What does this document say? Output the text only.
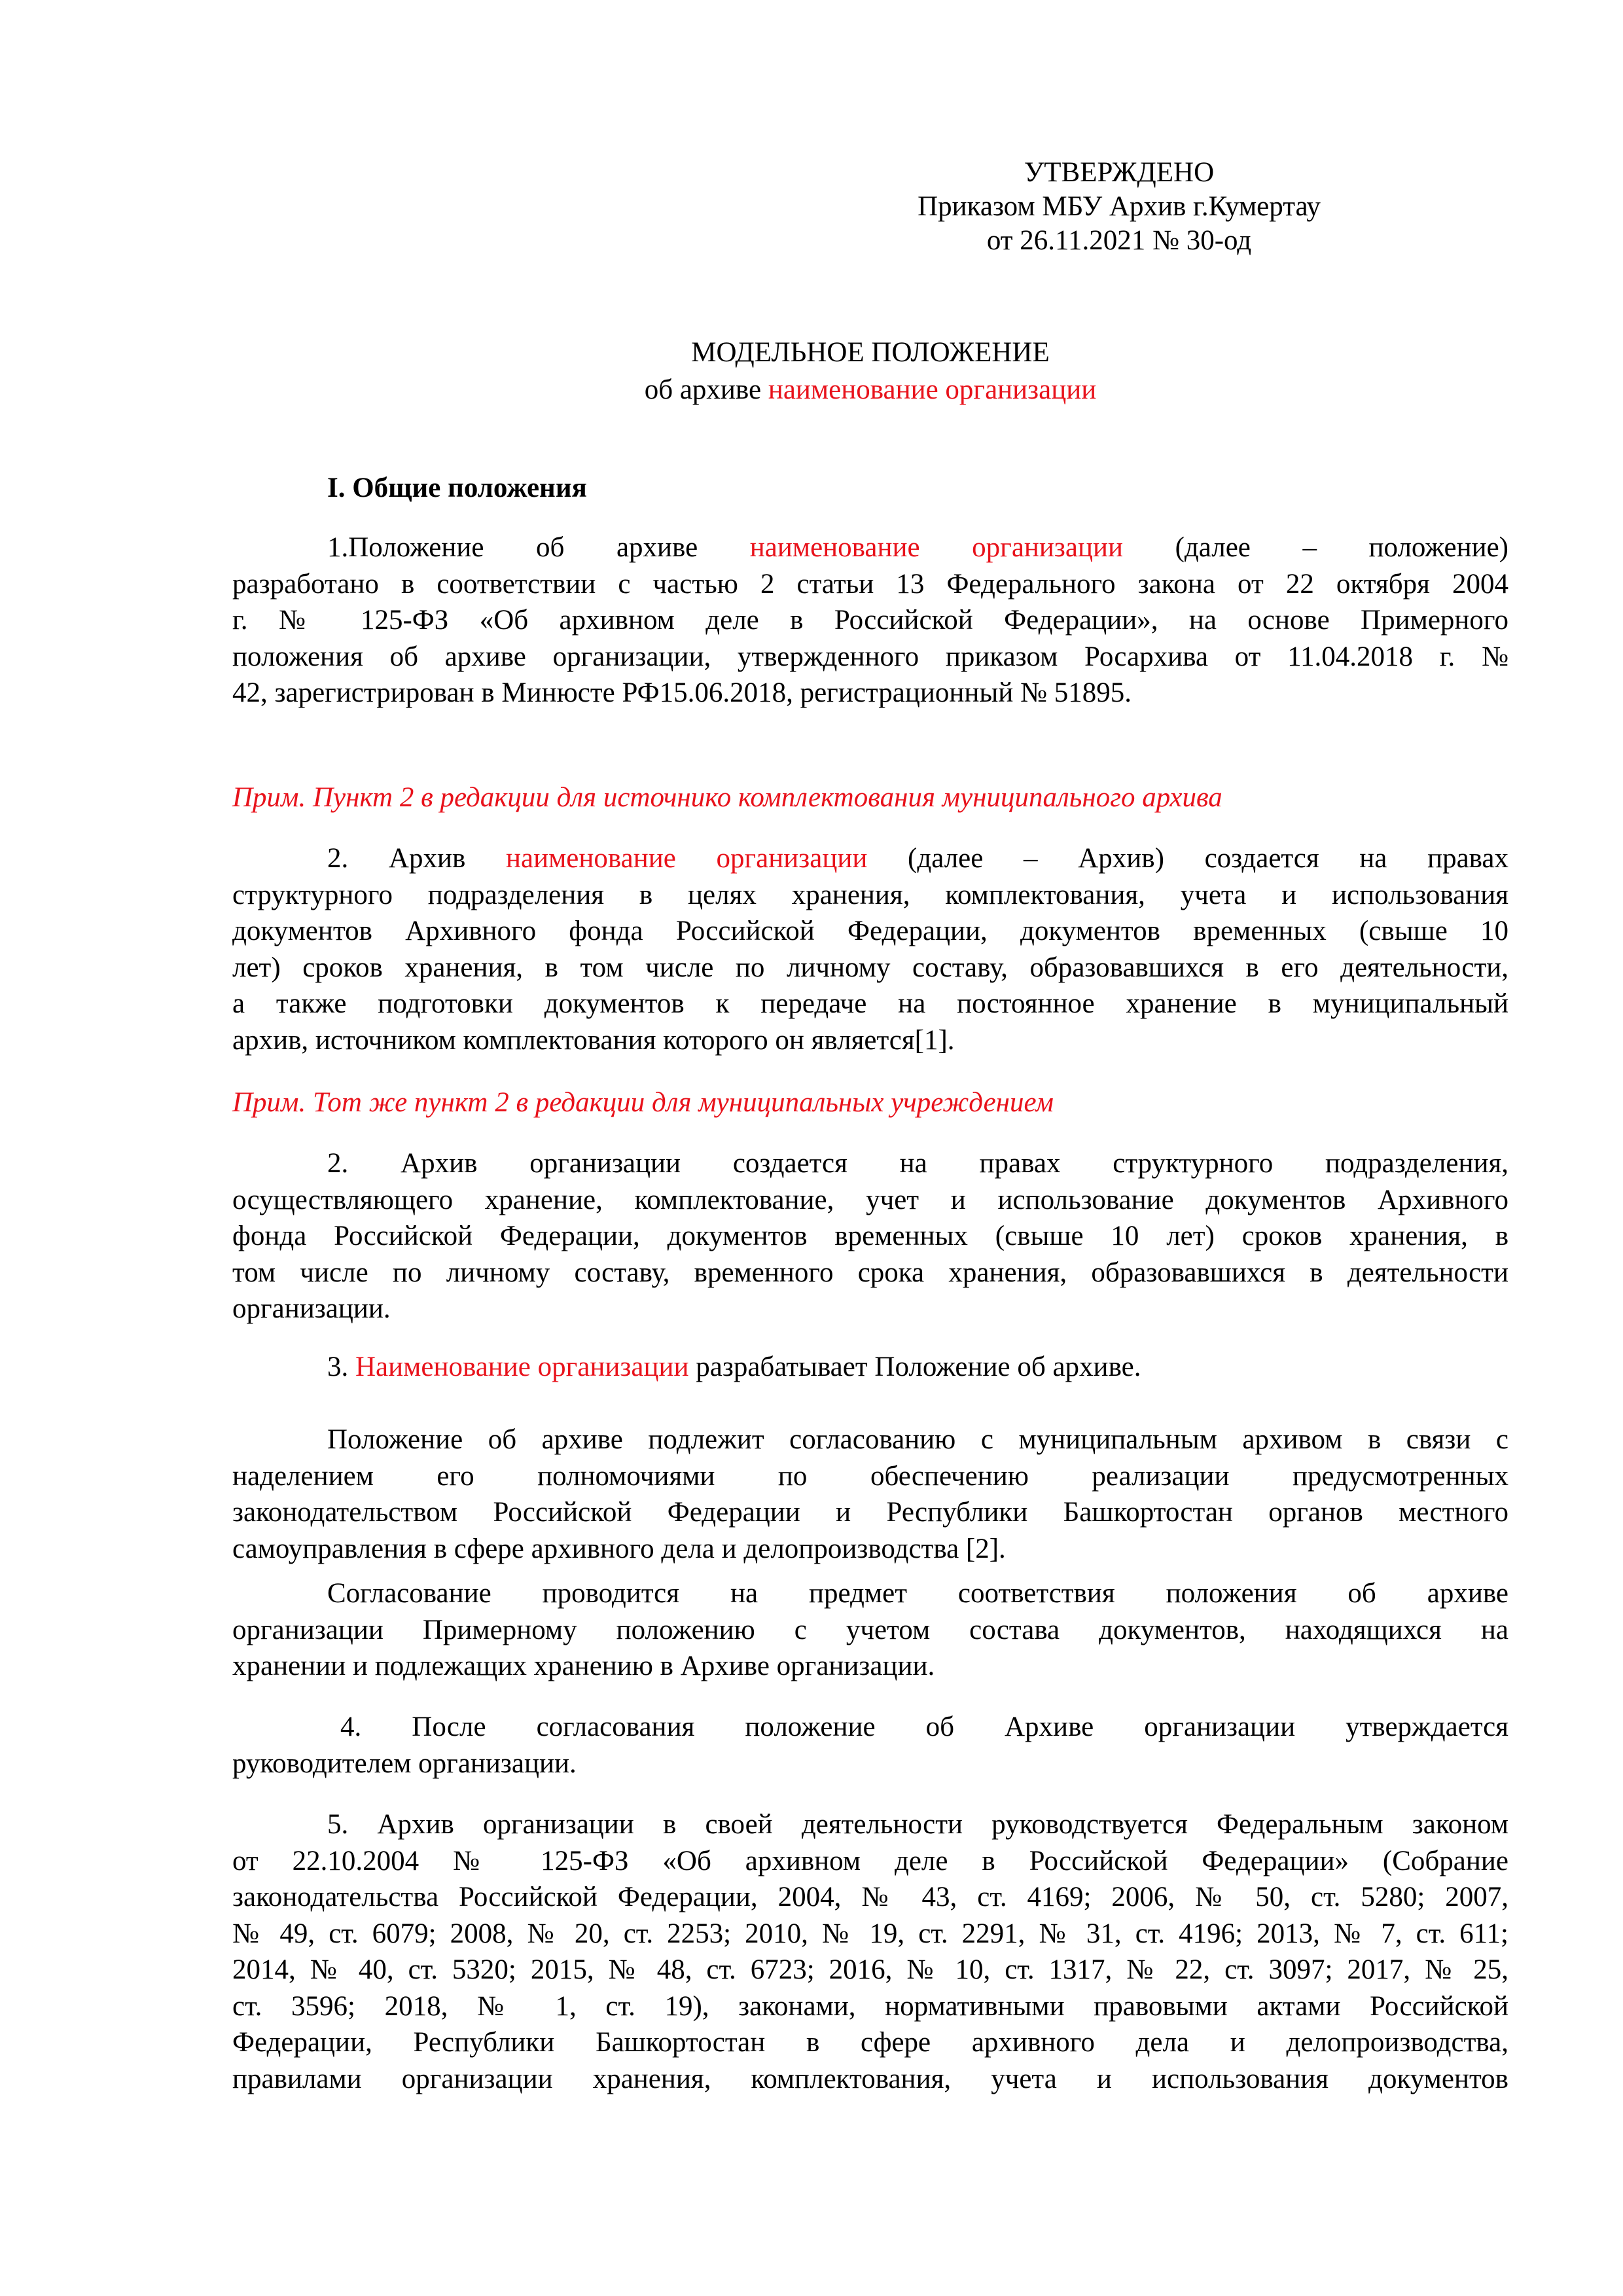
УТВЕРЖДЕНО
Приказом МБУ Архив г.Кумертау
от 26.11.2021 № 30-од
МОДЕЛЬНОЕ ПОЛОЖЕНИЕ
об архиве наименование организации
I. Общие положения
1.Положение об архиве наименование организации (далее – положение)
разработано в соответствии с частью 2 статьи 13 Федерального закона от 22 октября 2004
г. № 125-ФЗ «Об архивном деле в Российской Федерации», на основе Примерного
положения об архиве организации, утвержденного приказом Росархива от 11.04.2018 г. №
42, зарегистрирован в Минюсте РФ15.06.2018, регистрационный № 51895.
Прим. Пункт 2 в редакции для источнико комплектования муниципального архива
2. Архив наименование организации (далее – Архив) создается на правах
структурного подразделения в целях хранения, комплектования, учета и использования
документов Архивного фонда Российской Федерации, документов временных (свыше 10
лет) сроков хранения, в том числе по личному составу, образовавшихся в его деятельности,
а также подготовки документов к передаче на постоянное хранение в муниципальный
архив, источником комплектования которого он является[1].
Прим. Тот же пункт 2 в редакции для муниципальных учреждением
2. Архив организации создается на правах структурного подразделения,
осуществляющего хранение, комплектование, учет и использование документов Архивного
фонда Российской Федерации, документов временных (свыше 10 лет) сроков хранения, в
том числе по личному составу, временного срока хранения, образовавшихся в деятельности
организации.
3. Наименование организации разрабатывает Положение об архиве.
Положение об архиве подлежит согласованию с муниципальным архивом в связи с
наделением его полномочиями по обеспечению реализации предусмотренных
законодательством Российской Федерации и Республики Башкортостан органов местного
самоуправления в сфере архивного дела и делопроизводства [2].
Согласование проводится на предмет соответствия положения об архиве
организации Примерному положению с учетом состава документов, находящихся на
хранении и подлежащих хранению в Архиве организации.
4. После согласования положение об Архиве организации утверждается
руководителем организации.
5. Архив организации в своей деятельности руководствуется Федеральным законом
от 22.10.2004 № 125-ФЗ «Об архивном деле в Российской Федерации» (Собрание
законодательства Российской Федерации, 2004, № 43, ст. 4169; 2006, № 50, ст. 5280; 2007,
№ 49, ст. 6079; 2008, № 20, ст. 2253; 2010, № 19, ст. 2291, № 31, ст. 4196; 2013, № 7, ст. 611;
2014, № 40, ст. 5320; 2015, № 48, ст. 6723; 2016, № 10, ст. 1317, № 22, ст. 3097; 2017, № 25,
ст. 3596; 2018, № 1, ст. 19), законами, нормативными правовыми актами Российской
Федерации, Республики Башкортостан в сфере архивного дела и делопроизводства,
правилами организации хранения, комплектования, учета и использования документов
